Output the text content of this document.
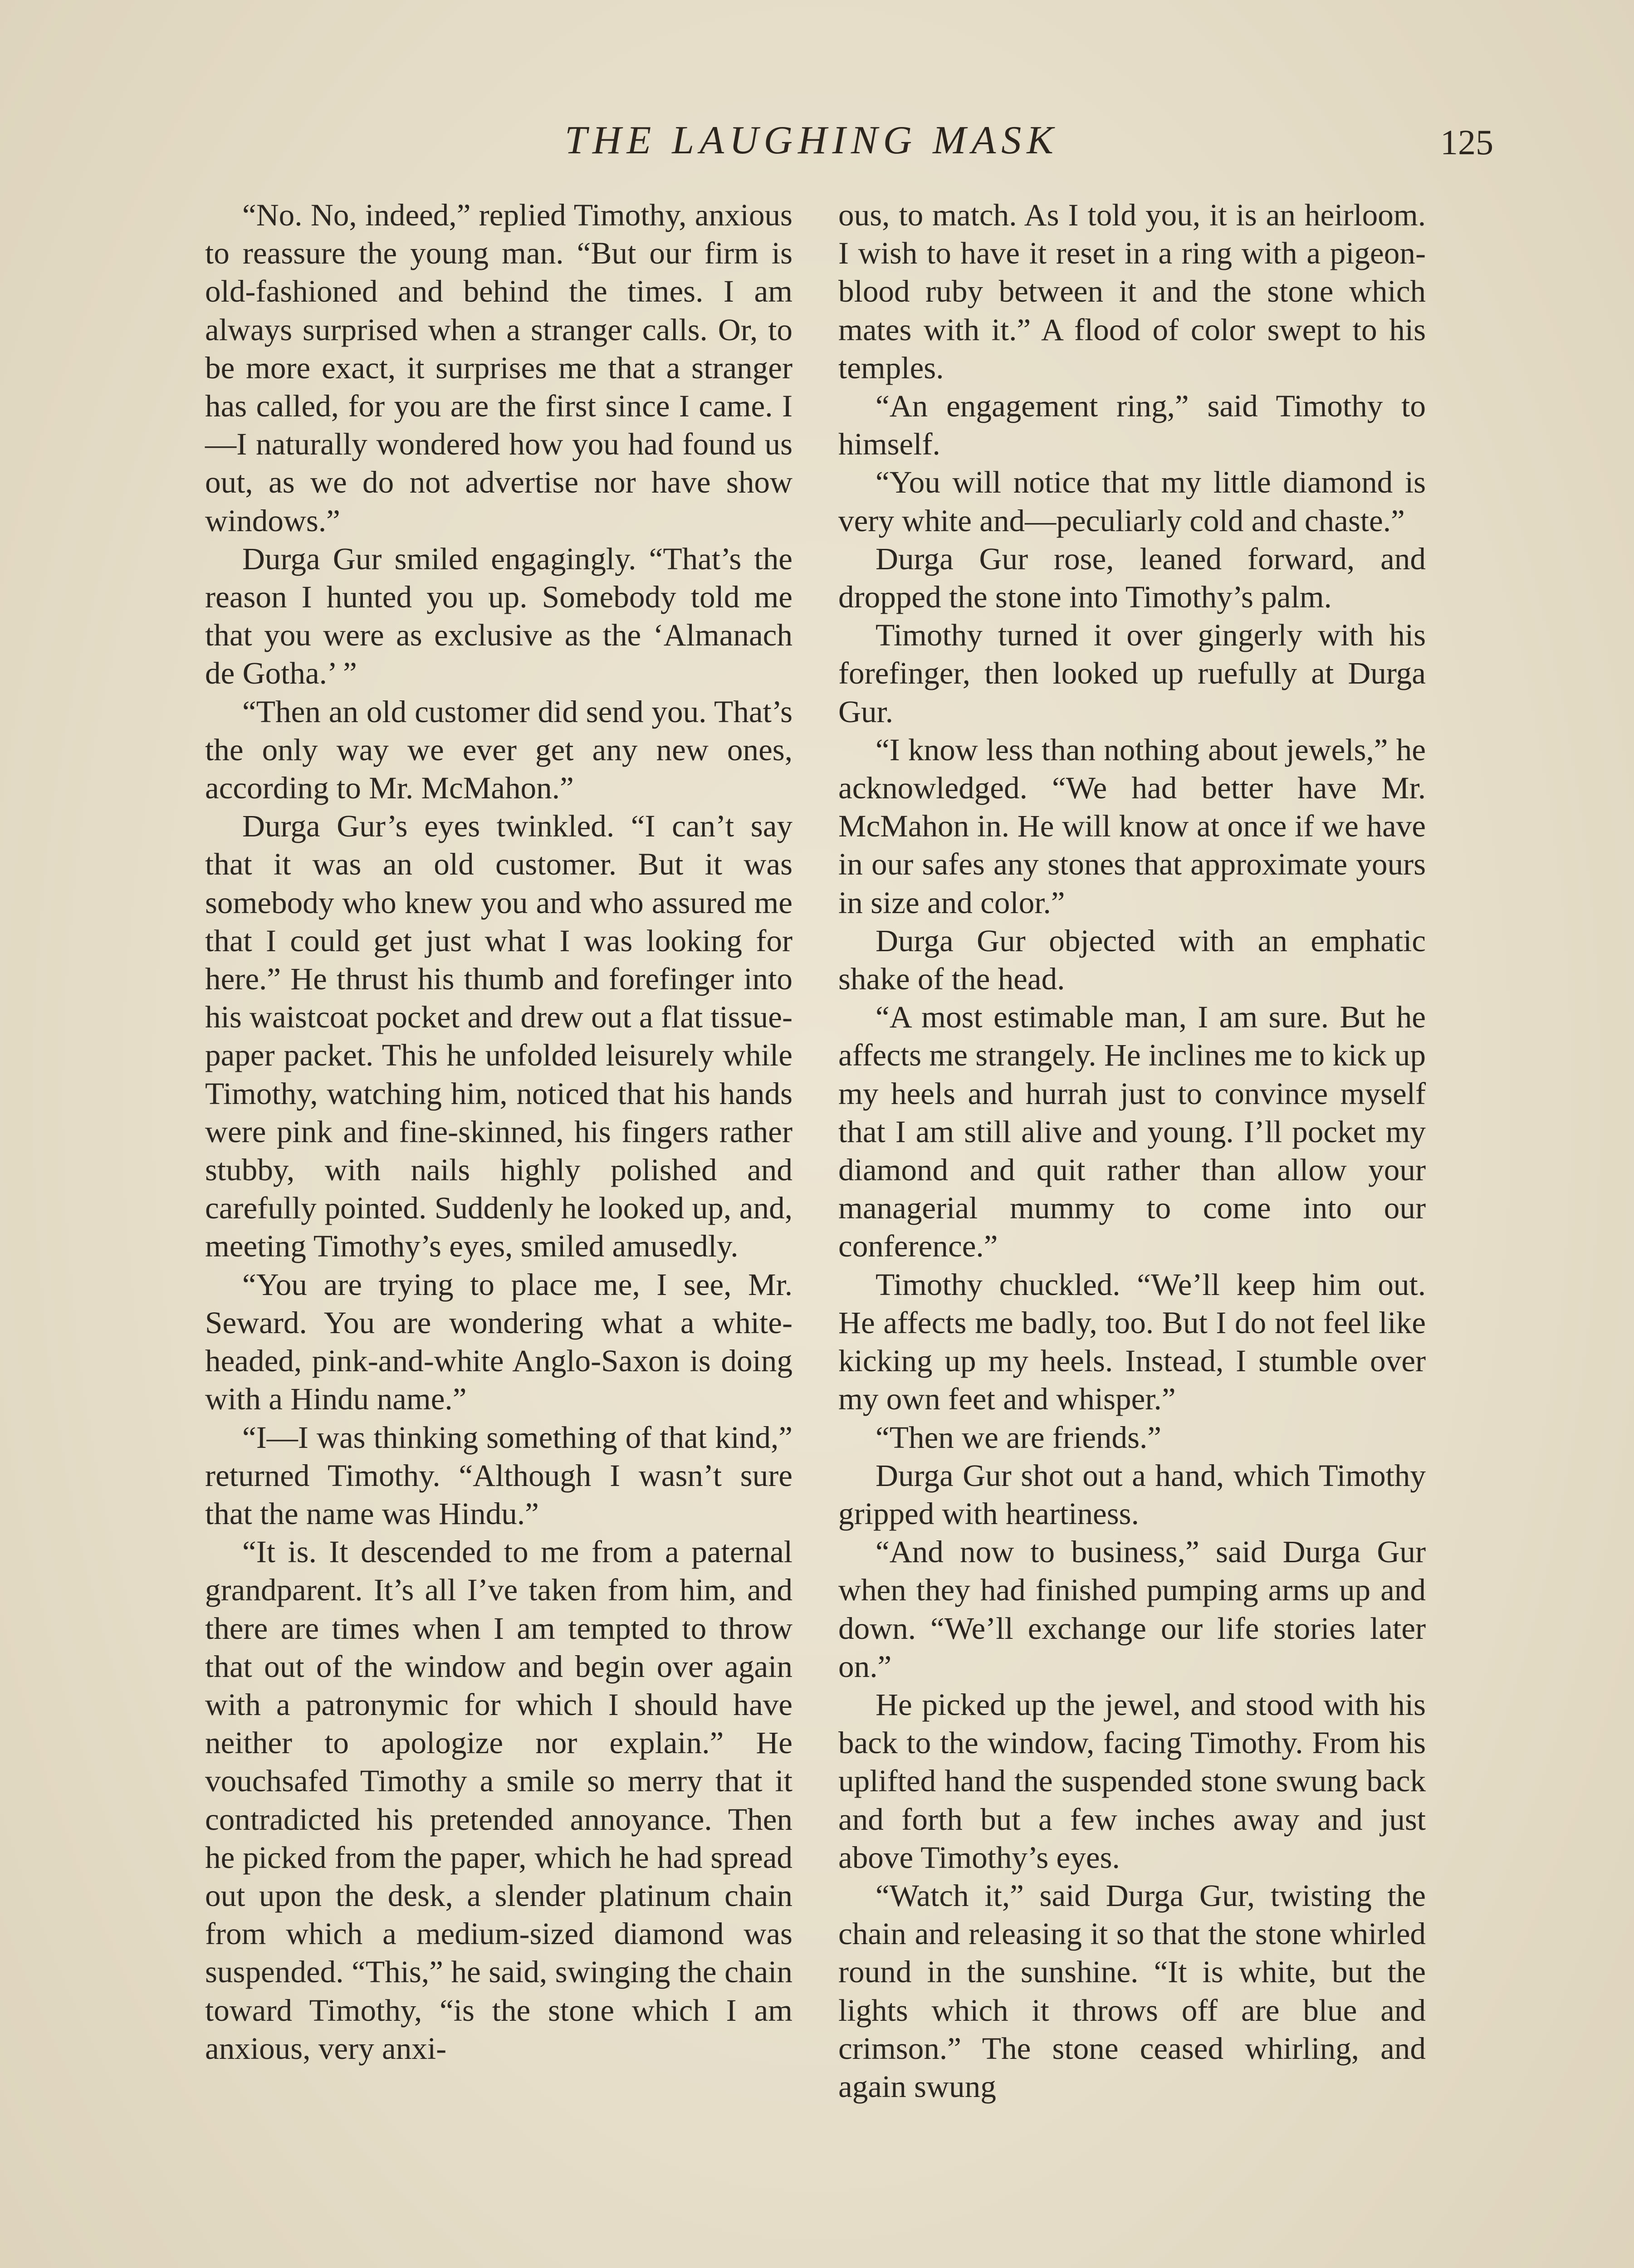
THE LAUGHING MASK	125

“No. No, indeed,” replied Timothy, anxious to reassure the young man. “But our firm is old-fashioned and behind the times. I am always surprised when a stranger calls. Or, to be more exact, it surprises me that a stranger has called, for you are the first since I came. I—I naturally wondered how you had found us out, as we do not advertise nor have show windows.”

Durga Gur smiled engagingly. “That’s the reason I hunted you up. Somebody told me that you were as exclusive as the ‘Almanach de Gotha.’ ”

“Then an old customer did send you. That’s the only way we ever get any new ones, according to Mr. McMahon.”

Durga Gur’s eyes twinkled. “I can’t say that it was an old customer. But it was somebody who knew you and who assured me that I could get just what I was looking for here.” He thrust his thumb and forefinger into his waistcoat pocket and drew out a flat tissue-paper packet. This he unfolded leisurely while Timothy, watching him, noticed that his hands were pink and fine-skinned, his fingers rather stubby, with nails highly polished and carefully pointed. Suddenly he looked up, and, meeting Timothy’s eyes, smiled amusedly.

“You are trying to place me, I see, Mr. Seward. You are wondering what a white-headed, pink-and-white Anglo-Saxon is doing with a Hindu name.”

“I—I was thinking something of that kind,” returned Timothy. “Although I wasn’t sure that the name was Hindu.”

“It is. It descended to me from a paternal grandparent. It’s all I’ve taken from him, and there are times when I am tempted to throw that out of the window and begin over again with a patronymic for which I should have neither to apologize nor explain.” He vouchsafed Timothy a smile so merry that it contradicted his pretended annoyance. Then he picked from the paper, which he had spread out upon the desk, a slender platinum chain from which a medium-sized diamond was suspended. “This,” he said, swinging the chain toward Timothy, “is the stone which I am anxious, very anxi-

ous, to match. As I told you, it is an heirloom. I wish to have it reset in a ring with a pigeon-blood ruby between it and the stone which mates with it.” A flood of color swept to his temples.

“An engagement ring,” said Timothy to himself.

“You will notice that my little diamond is very white and—peculiarly cold and chaste.”

Durga Gur rose, leaned forward, and dropped the stone into Timothy’s palm.

Timothy turned it over gingerly with his forefinger, then looked up ruefully at Durga Gur.

“I know less than nothing about jewels,” he acknowledged. “We had better have Mr. McMahon in. He will know at once if we have in our safes any stones that approximate yours in size and color.”

Durga Gur objected with an emphatic shake of the head.

“A most estimable man, I am sure. But he affects me strangely. He inclines me to kick up my heels and hurrah just to convince myself that I am still alive and young. I’ll pocket my diamond and quit rather than allow your managerial mummy to come into our conference.”

Timothy chuckled. “We’ll keep him out. He affects me badly, too. But I do not feel like kicking up my heels. Instead, I stumble over my own feet and whisper.”

“Then we are friends.”

Durga Gur shot out a hand, which Timothy gripped with heartiness.

“And now to business,” said Durga Gur when they had finished pumping arms up and down. “We’ll exchange our life stories later on.”

He picked up the jewel, and stood with his back to the window, facing Timothy. From his uplifted hand the suspended stone swung back and forth but a few inches away and just above Timothy’s eyes.

“Watch it,” said Durga Gur, twisting the chain and releasing it so that the stone whirled round in the sunshine. “It is white, but the lights which it throws off are blue and crimson.” The stone ceased whirling, and again swung
